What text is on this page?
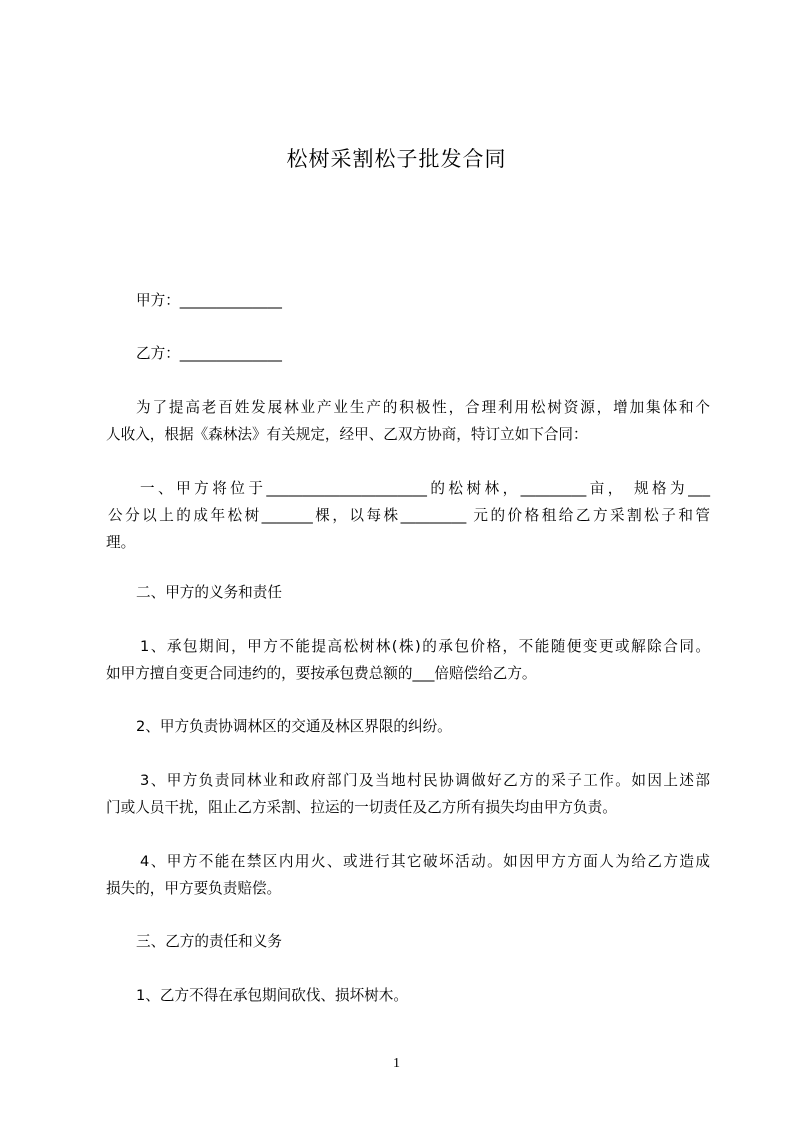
松树采割松子批发合同
甲方：______________
乙方：______________
为了提高老百姓发展林业产业生产的积极性，合理利用松树资源，增加集体和个
人收入，根据《森林法》有关规定，经甲、乙双方协商，特订立如下合同：
一、甲方将位于______________________的松树林，_________亩， 规格为___
公分以上的成年松树_______棵，以每株_________ 元的价格租给乙方采割松子和管
理。
二、甲方的义务和责任
1、承包期间，甲方不能提高松树林(株)的承包价格，不能随便变更或解除合同。
如甲方擅自变更合同违约的，要按承包费总额的___倍赔偿给乙方。
2、甲方负责协调林区的交通及林区界限的纠纷。
3、甲方负责同林业和政府部门及当地村民协调做好乙方的采子工作。如因上述部
门或人员干扰，阻止乙方采割、拉运的一切责任及乙方所有损失均由甲方负责。
4、甲方不能在禁区内用火、或进行其它破坏活动。如因甲方方面人为给乙方造成
损失的，甲方要负责赔偿。
三、乙方的责任和义务
1、乙方不得在承包期间砍伐、损坏树木。
1
